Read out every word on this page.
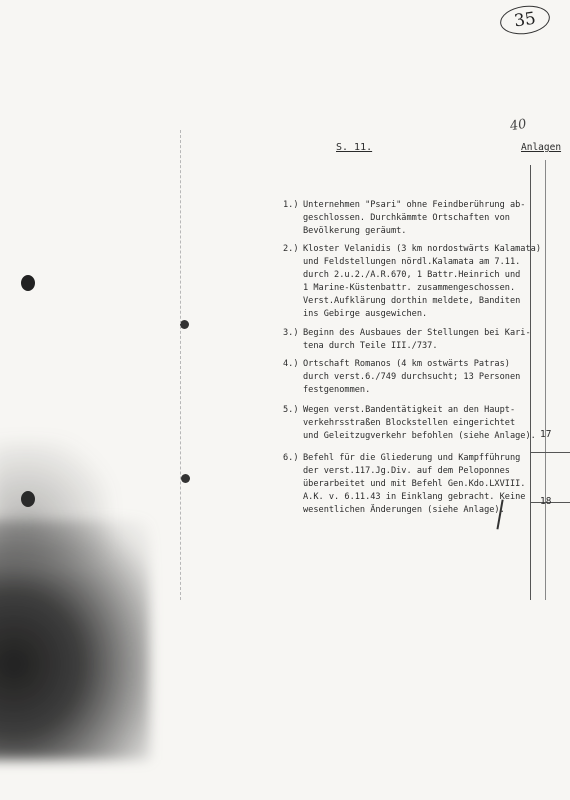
35
40
S. 11.	Anlagen

1.)

Unternehmen "Psari" ohne Feindberührung ab-
geschlossen. Durchkämmte Ortschaften von
Bevölkerung geräumt.

2.)

Kloster Velanidis (3 km nordostwärts Kalamata)
und Feldstellungen nördl.Kalamata am 7.11.
durch 2.u.2./A.R.670, 1 Battr.Heinrich und
1 Marine-Küstenbattr. zusammengeschossen.
Verst.Aufklärung dorthin meldete, Banditen
ins Gebirge ausgewichen.

3.)

Beginn des Ausbaues der Stellungen bei Kari-
tena durch Teile III./737.

4.)

Ortschaft Romanos (4 km ostwärts Patras)
durch verst.6./749 durchsucht; 13 Personen
festgenommen.

5.)

Wegen verst.Bandentätigkeit an den Haupt-
verkehrsstraßen Blockstellen eingerichtet
und Geleitzugverkehr befohlen (siehe Anlage).

6.)

Befehl für die Gliederung und Kampfführung
der verst.117.Jg.Div. auf dem Peloponnes
überarbeitet und mit Befehl Gen.Kdo.LXVIII.
A.K. v. 6.11.43 in Einklang gebracht. Keine
wesentlichen Änderungen (siehe Anlage).

17
18
